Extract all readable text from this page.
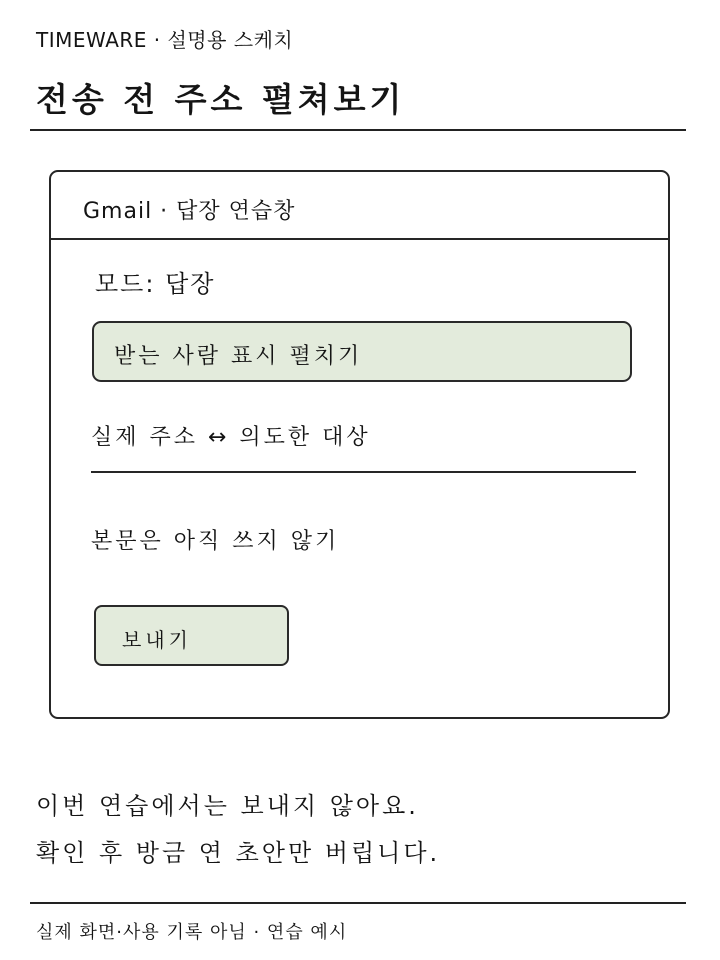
TIMEWARE · 설명용 스케치
전송 전 주소 펼쳐보기
Gmail · 답장 연습창
모드: 답장
받는 사람 표시 펼치기
실제 주소 ↔ 의도한 대상
본문은 아직 쓰지 않기
보내기
이번 연습에서는 보내지 않아요.
확인 후 방금 연 초안만 버립니다.
실제 화면·사용 기록 아님 · 연습 예시
